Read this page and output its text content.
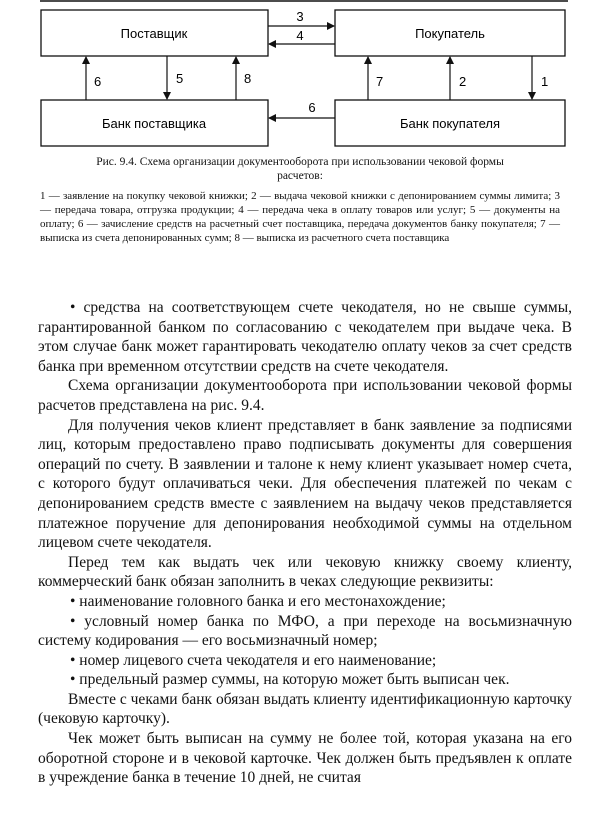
Поставщик	Покупатель
Банк поставщика	Банк покупателя
3
4
6	5	8
6
7	2	1
Рис. 9.4. Схема организации документооборота при использовании чековой формы
расчетов:
1 — заявление на покупку чековой книжки; 2 — выдача чековой книжки с депонированием суммы лимита; 3 — передача товара, отгрузка продукции; 4 — передача чека в оплату товаров или услуг; 5 — документы на оплату; 6 — зачисление средств на расчетный счет поставщика, передача документов банку покупателя; 7 — выписка из счета депонированных сумм; 8 — выписка из расчетного счета поставщика

• средства на соответствующем счете чекодателя, но не свыше суммы, гарантированной банком по согласованию с чекодателем при выдаче чека. В этом случае банк может гарантировать чекодателю оплату чеков за счет средств банка при временном отсутствии средств на счете чекодателя.

Схема организации документооборота при использовании чековой формы расчетов представлена на рис. 9.4.

Для получения чеков клиент представляет в банк заявление за подписями лиц, которым предоставлено право подписывать документы для совершения операций по счету. В заявлении и талоне к нему клиент указывает номер счета, с которого будут оплачиваться чеки. Для обеспечения платежей по чекам с депонированием средств вместе с заявлением на выдачу чеков представляется платежное поручение для депонирования необходимой суммы на отдельном лицевом счете чекодателя.

Перед тем как выдать чек или чековую книжку своему клиенту, коммерческий банк обязан заполнить в чеках следующие реквизиты:

• наименование головного банка и его местонахождение;

• условный номер банка по МФО, а при переходе на восьмизначную систему кодирования — его восьмизначный номер;

• номер лицевого счета чекодателя и его наименование;

• предельный размер суммы, на которую может быть выписан чек.

Вместе с чеками банк обязан выдать клиенту идентификационную карточку (чековую карточку).

Чек может быть выписан на сумму не более той, которая указана на его оборотной стороне и в чековой карточке. Чек должен быть предъявлен к оплате в учреждение банка в течение 10 дней, не считая
